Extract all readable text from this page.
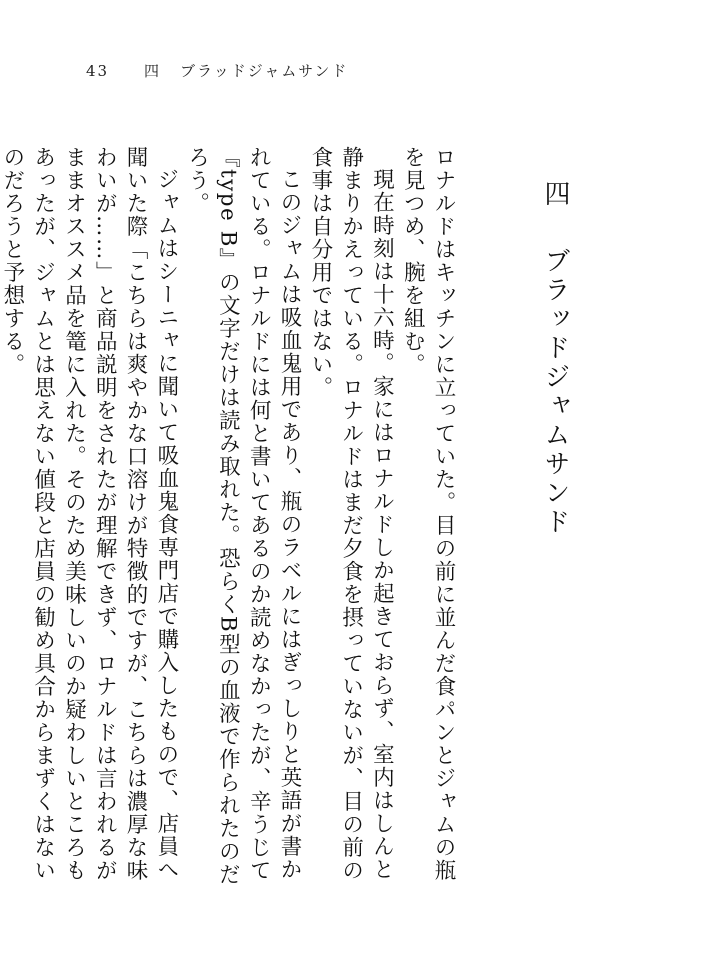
43 四 ブラッドジャムサンド
四ブラッドジャムサンド

ロナルドはキッチンに立っていた。目の前に並んだ食パンとジャムの瓶を見つめ、腕を組む。

現在時刻は十六時。家にはロナルドしか起きておらず、室内はしんと静まりかえっている。ロナルドはまだ夕食を摂っていないが、目の前の食事は自分用ではない。

このジャムは吸血鬼用であり、瓶のラベルにはぎっしりと英語が書かれている。ロナルドには何と書いてあるのか読めなかったが、辛うじて『type B』の文字だけは読み取れた。恐らくB型の血液で作られたのだろう。

ジャムはシーニャに聞いて吸血鬼食専門店で購入したもので、店員へ聞いた際「こちらは爽やかな口溶けが特徴的ですが、こちらは濃厚な味わいが……」と商品説明をされたが理解できず、ロナルドは言われるがままオススメ品を篭に入れた。そのため美味しいのか疑わしいところもあったが、ジャムとは思えない値段と店員の勧め具合からまずくはないのだろうと予想する。
